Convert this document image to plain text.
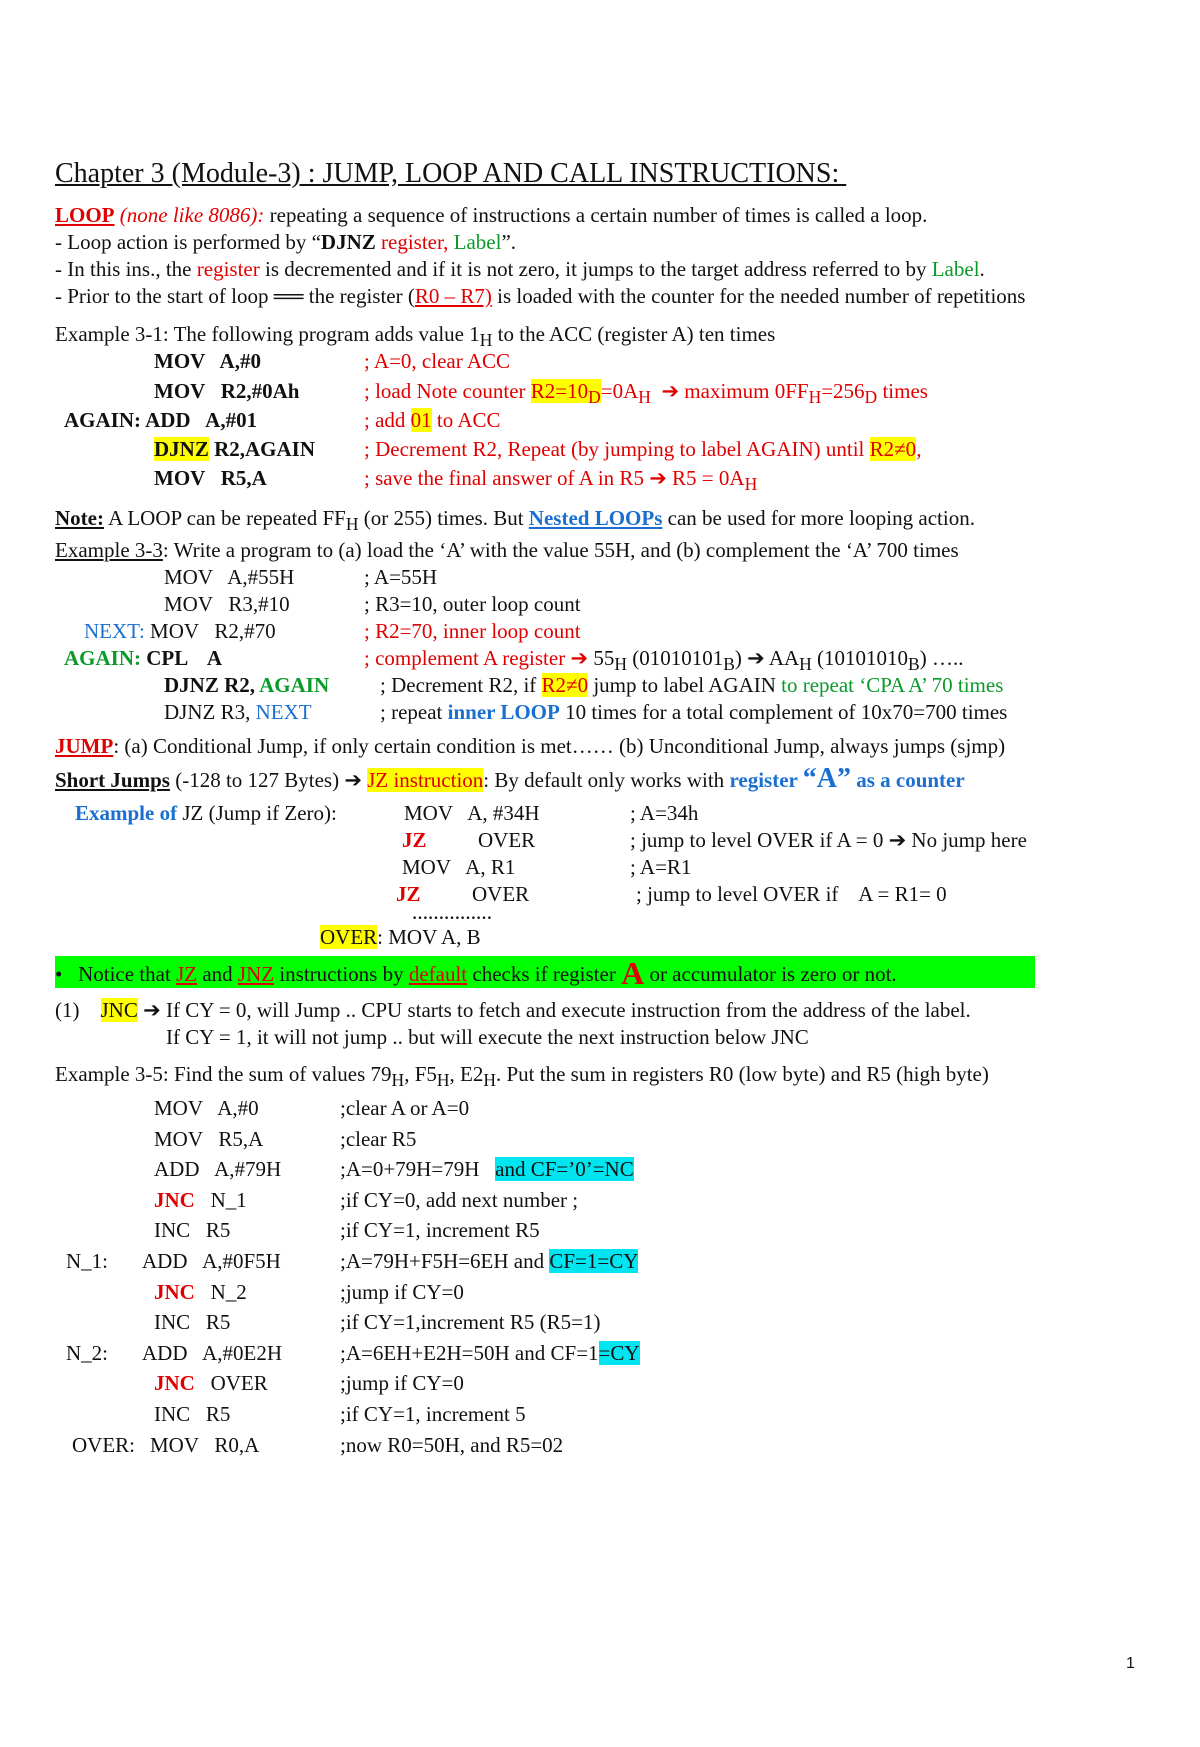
Chapter 3 (Module-3) : JUMP, LOOP AND CALL INSTRUCTIONS:
LOOP (none like 8086): repeating a sequence of instructions a certain number of times is called a loop.
- Loop action is performed by “DJNZ register, Label”.
- In this ins., the register is decremented and if it is not zero, it jumps to the target address referred to by Label.
- Prior to the start of loop ══ the register (R0 – R7) is loaded with the counter for the needed number of repetitions
Example 3-1: The following program adds value $1_H$ to the ACC (register A) ten times
MOV   A,#0	; A=0, clear ACC
MOV   R2,#0Ah	; load Note counter $R2=10_D=0A_H$  ➔ maximum $0FF_H=256_D$ times
AGAIN: ADD   A,#01	; add 01 to ACC
DJNZ R2,AGAIN ; Decrement R2, Repeat (by jumping to label AGAIN) until R2≠0,
MOV   R5,A	; save the final answer of A in R5 ➔ $R5 = 0A_H$
Note: A LOOP can be repeated $FF_H$ (or 255) times. But Nested LOOPs can be used for more looping action.
Example 3-3: Write a program to (a) load the ‘A’ with the value 55H, and (b) complement the ‘A’ 700 times
MOV   A,#55H	; A=55H
MOV   R3,#10	; R3=10, outer loop count
NEXT: MOV   R2,#70	; R2=70, inner loop count
AGAIN: CPL    A	; complement A register ➔ $55_H$ $(01010101_B)$ ➔ $AA_H$ $(10101010_B)$ …..
DJNZ R2, AGAIN ; Decrement R2, if R2≠0 jump to label AGAIN to repeat ‘CPA A’ 70 times
DJNZ R3, NEXT	; repeat inner LOOP 10 times for a total complement of 10x70=700 times
JUMP: (a) Conditional Jump, if only certain condition is met…… (b) Unconditional Jump, always jumps (sjmp)
Short Jumps (-128 to 127 Bytes) ➔ JZ instruction: By default only works with register “A” as a counter
Example of JZ (Jump if Zero):	MOV   A, #34H	; A=34h
JZ OVER	; jump to level OVER if A = 0 ➔ No jump here
MOV   A, R1	; A=R1
JZ OVER	; jump to level OVER if    A = R1= 0
……………
OVER: MOV A, B
•   Notice that JZ and JNZ instructions by default checks if register A or accumulator is zero or not.
(1) JNC ➔ If CY = 0, will Jump .. CPU starts to fetch and execute instruction from the address of the label.
If CY = 1, it will not jump .. but will execute the next instruction below JNC
Example 3-5: Find the sum of values $79_H$, $F5_H$, $E2_H$. Put the sum in registers R0 (low byte) and R5 (high byte)
MOV   A,#0	;clear A or A=0
MOV   R5,A	;clear R5
ADD   A,#79H	;A=0+79H=79H   and CF=’0’=NC
JNC   N_1	;if CY=0, add next number ;
INC   R5	;if CY=1, increment R5
N_1: ADD   A,#0F5H	;A=79H+F5H=6EH and CF=1=CY
JNC   N_2	;jump if CY=0
INC   R5	;if CY=1,increment R5 (R5=1)
N_2: ADD   A,#0E2H	;A=6EH+E2H=50H and CF=1=CY
JNC   OVER	;jump if CY=0
INC   R5	;if CY=1, increment 5
OVER: MOV   R0,A	;now R0=50H, and R5=02
1
